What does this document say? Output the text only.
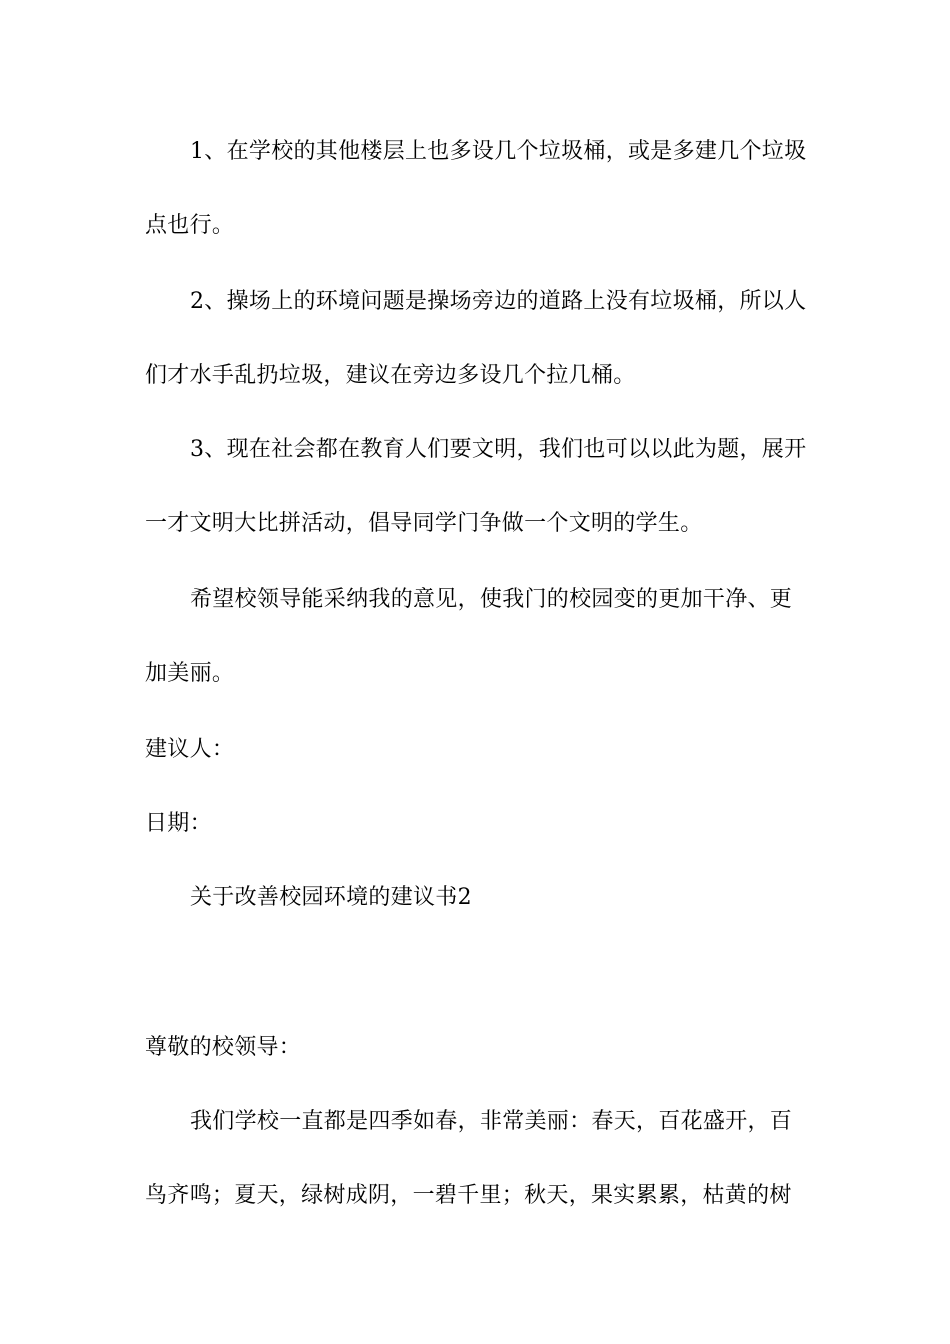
1、在学校的其他楼层上也多设几个垃圾桶，或是多建几个垃圾
点也行。
2、操场上的环境问题是操场旁边的道路上没有垃圾桶，所以人
们才水手乱扔垃圾，建议在旁边多设几个拉几桶。
3、现在社会都在教育人们要文明，我们也可以以此为题，展开
一才文明大比拼活动，倡导同学门争做一个文明的学生。
希望校领导能采纳我的意见，使我门的校园变的更加干净、更
加美丽。
建议人：
日期：
关于改善校园环境的建议书2
尊敬的校领导：
我们学校一直都是四季如春，非常美丽：春天，百花盛开，百
鸟齐鸣；夏天，绿树成阴，一碧千里；秋天，果实累累，枯黄的树
